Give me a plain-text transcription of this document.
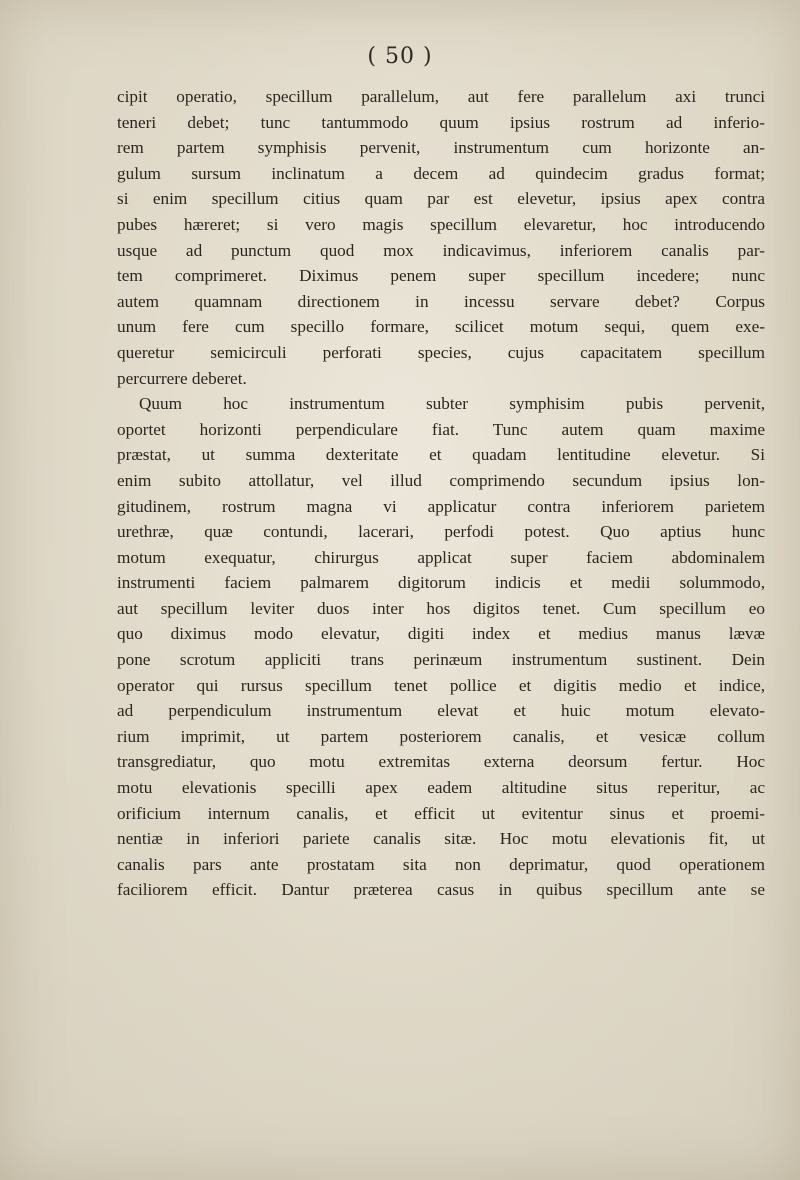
( 50 )
cipit operatio, specillum parallelum, aut fere parallelum axi trunci
teneri debet; tunc tantummodo quum ipsius rostrum ad inferio-
rem partem symphisis pervenit, instrumentum cum horizonte an-
gulum sursum inclinatum a decem ad quindecim gradus format;
si enim specillum citius quam par est elevetur, ipsius apex contra
pubes hæreret; si vero magis specillum elevaretur, hoc introducendo
usque ad punctum quod mox indicavimus, inferiorem canalis par-
tem comprimeret. Diximus penem super specillum incedere; nunc
autem quamnam directionem in incessu servare debet? Corpus
unum fere cum specillo formare, scilicet motum sequi, quem exe-
queretur semicirculi perforati species, cujus capacitatem specillum
percurrere deberet.
Quum hoc instrumentum subter symphisim pubis pervenit,
oportet horizonti perpendiculare fiat. Tunc autem quam maxime
præstat, ut summa dexteritate et quadam lentitudine elevetur. Si
enim subito attollatur, vel illud comprimendo secundum ipsius lon-
gitudinem, rostrum magna vi applicatur contra inferiorem parietem
urethræ, quæ contundi, lacerari, perfodi potest. Quo aptius hunc
motum exequatur, chirurgus applicat super faciem abdominalem
instrumenti faciem palmarem digitorum indicis et medii solummodo,
aut specillum leviter duos inter hos digitos tenet. Cum specillum eo
quo diximus modo elevatur, digiti index et medius manus lævæ
pone scrotum appliciti trans perinæum instrumentum sustinent. Dein
operator qui rursus specillum tenet pollice et digitis medio et indice,
ad perpendiculum instrumentum elevat et huic motum elevato-
rium imprimit, ut partem posteriorem canalis, et vesicæ collum
transgrediatur, quo motu extremitas externa deorsum fertur. Hoc
motu elevationis specilli apex eadem altitudine situs reperitur, ac
orificium internum canalis, et efficit ut evitentur sinus et proemi-
nentiæ in inferiori pariete canalis sitæ. Hoc motu elevationis fit, ut
canalis pars ante prostatam sita non deprimatur, quod operationem
faciliorem efficit. Dantur præterea casus in quibus specillum ante se
